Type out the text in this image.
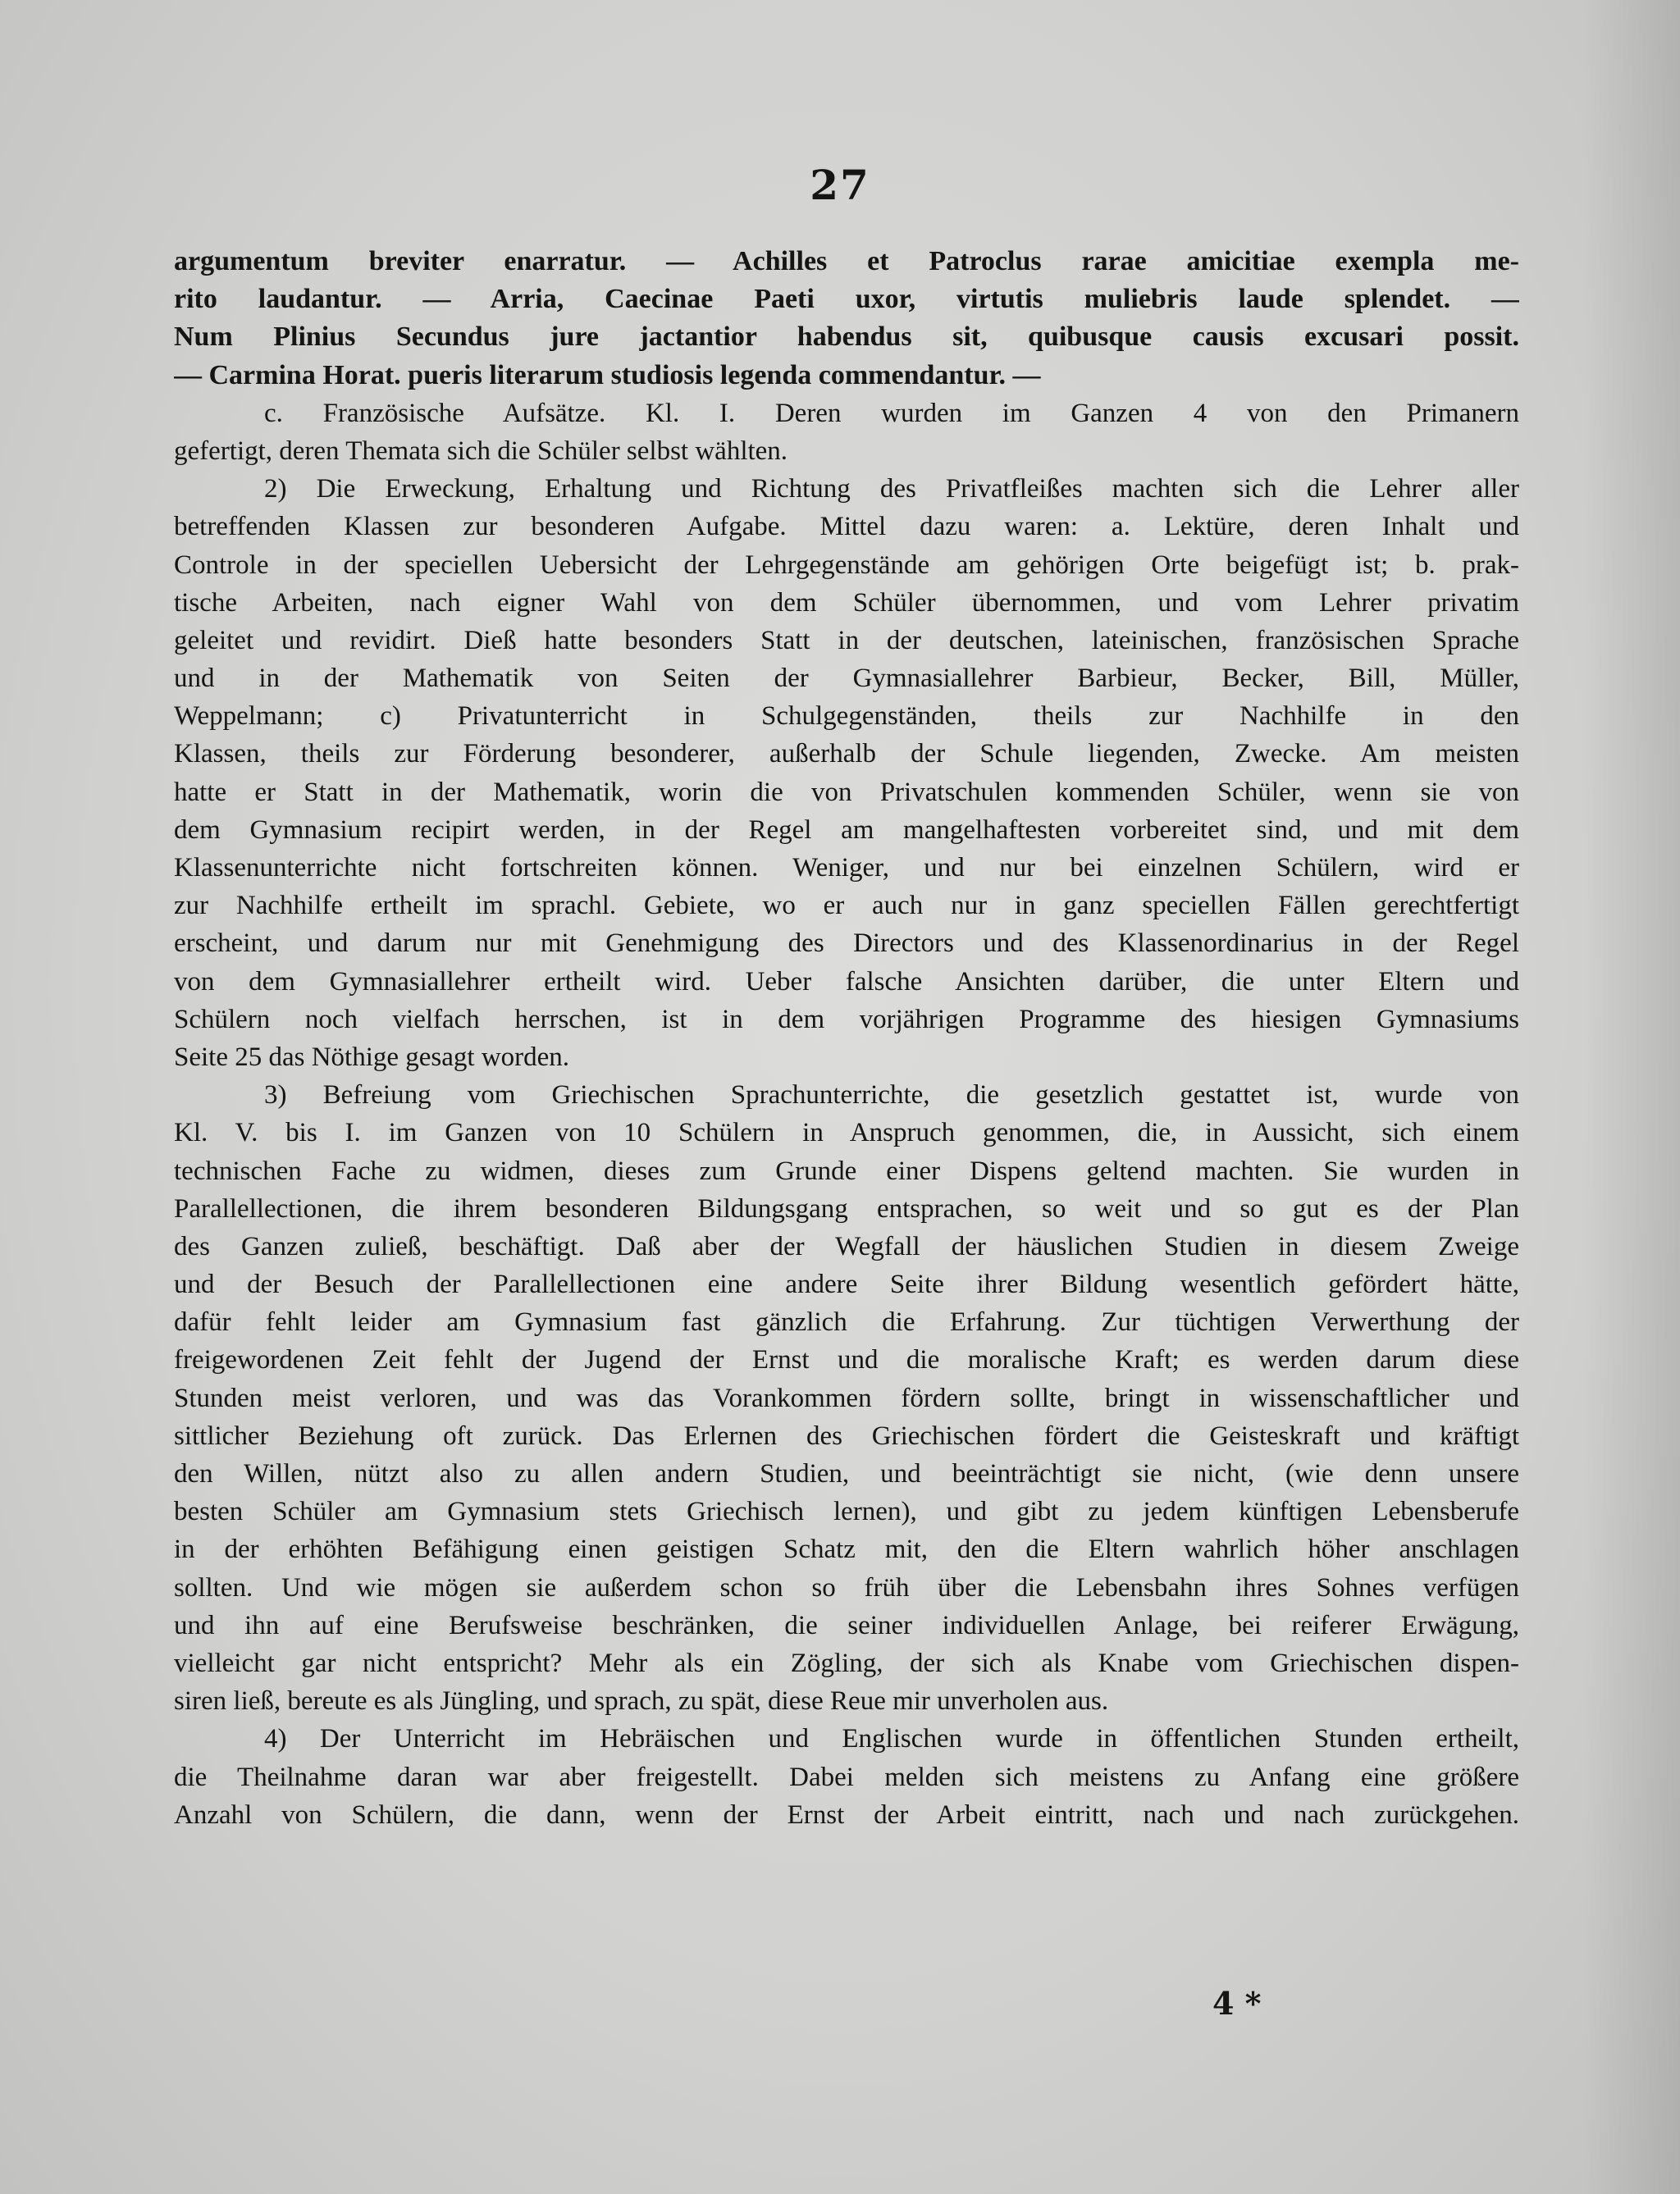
27
argumentum breviter enarratur. — Achilles et Patroclus rarae amicitiae exempla me-
rito laudantur. — Arria, Caecinae Paeti uxor, virtutis muliebris laude splendet. —
Num Plinius Secundus jure jactantior habendus sit, quibusque causis excusari possit.
— Carmina Horat. pueris literarum studiosis legenda commendantur. —
c. Französische Aufsätze. Kl. I. Deren wurden im Ganzen 4 von den Primanern
gefertigt, deren Themata sich die Schüler selbst wählten.
2) Die Erweckung, Erhaltung und Richtung des Privatfleißes machten sich die Lehrer aller
betreffenden Klassen zur besonderen Aufgabe. Mittel dazu waren: a. Lektüre, deren Inhalt und
Controle in der speciellen Uebersicht der Lehrgegenstände am gehörigen Orte beigefügt ist; b. prak-
tische Arbeiten, nach eigner Wahl von dem Schüler übernommen, und vom Lehrer privatim
geleitet und revidirt. Dieß hatte besonders Statt in der deutschen, lateinischen, französischen Sprache
und in der Mathematik von Seiten der Gymnasiallehrer Barbieur, Becker, Bill, Müller,
Weppelmann; c) Privatunterricht in Schulgegenständen, theils zur Nachhilfe in den
Klassen, theils zur Förderung besonderer, außerhalb der Schule liegenden, Zwecke. Am meisten
hatte er Statt in der Mathematik, worin die von Privatschulen kommenden Schüler, wenn sie von
dem Gymnasium recipirt werden, in der Regel am mangelhaftesten vorbereitet sind, und mit dem
Klassenunterrichte nicht fortschreiten können. Weniger, und nur bei einzelnen Schülern, wird er
zur Nachhilfe ertheilt im sprachl. Gebiete, wo er auch nur in ganz speciellen Fällen gerechtfertigt
erscheint, und darum nur mit Genehmigung des Directors und des Klassenordinarius in der Regel
von dem Gymnasiallehrer ertheilt wird. Ueber falsche Ansichten darüber, die unter Eltern und
Schülern noch vielfach herrschen, ist in dem vorjährigen Programme des hiesigen Gymnasiums
Seite 25 das Nöthige gesagt worden.
3) Befreiung vom Griechischen Sprachunterrichte, die gesetzlich gestattet ist, wurde von
Kl. V. bis I. im Ganzen von 10 Schülern in Anspruch genommen, die, in Aussicht, sich einem
technischen Fache zu widmen, dieses zum Grunde einer Dispens geltend machten. Sie wurden in
Parallellectionen, die ihrem besonderen Bildungsgang entsprachen, so weit und so gut es der Plan
des Ganzen zuließ, beschäftigt. Daß aber der Wegfall der häuslichen Studien in diesem Zweige
und der Besuch der Parallellectionen eine andere Seite ihrer Bildung wesentlich gefördert hätte,
dafür fehlt leider am Gymnasium fast gänzlich die Erfahrung. Zur tüchtigen Verwerthung der
freigewordenen Zeit fehlt der Jugend der Ernst und die moralische Kraft; es werden darum diese
Stunden meist verloren, und was das Vorankommen fördern sollte, bringt in wissenschaftlicher und
sittlicher Beziehung oft zurück. Das Erlernen des Griechischen fördert die Geisteskraft und kräftigt
den Willen, nützt also zu allen andern Studien, und beeinträchtigt sie nicht, (wie denn unsere
besten Schüler am Gymnasium stets Griechisch lernen), und gibt zu jedem künftigen Lebensberufe
in der erhöhten Befähigung einen geistigen Schatz mit, den die Eltern wahrlich höher anschlagen
sollten. Und wie mögen sie außerdem schon so früh über die Lebensbahn ihres Sohnes verfügen
und ihn auf eine Berufsweise beschränken, die seiner individuellen Anlage, bei reiferer Erwägung,
vielleicht gar nicht entspricht? Mehr als ein Zögling, der sich als Knabe vom Griechischen dispen-
siren ließ, bereute es als Jüngling, und sprach, zu spät, diese Reue mir unverholen aus.
4) Der Unterricht im Hebräischen und Englischen wurde in öffentlichen Stunden ertheilt,
die Theilnahme daran war aber freigestellt. Dabei melden sich meistens zu Anfang eine größere
Anzahl von Schülern, die dann, wenn der Ernst der Arbeit eintritt, nach und nach zurückgehen.
4 *
